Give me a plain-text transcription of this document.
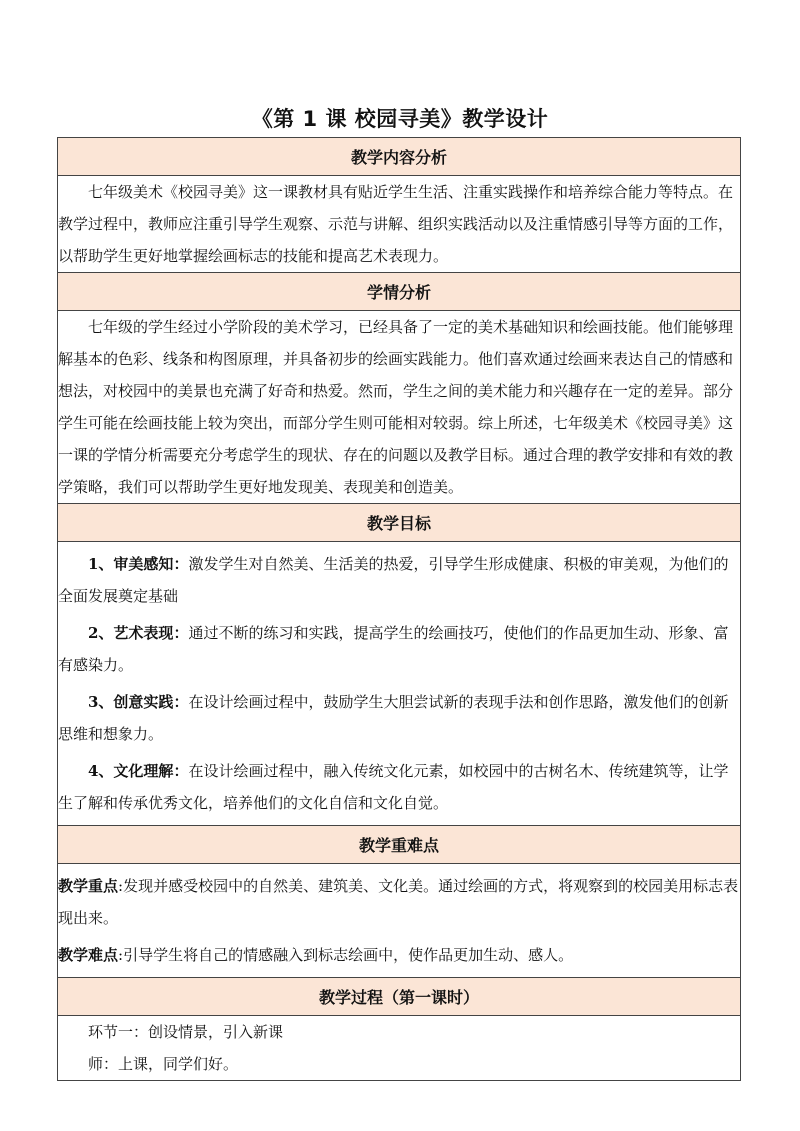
《第 1 课 校园寻美》教学设计
教学内容分析

七年级美术《校园寻美》这一课教材具有贴近学生生活、注重实践操作和培养综合能力等特点。在教学过程中，教师应注重引导学生观察、示范与讲解、组织实践活动以及注重情感引导等方面的工作，以帮助学生更好地掌握绘画标志的技能和提高艺术表现力。

学情分析

七年级的学生经过小学阶段的美术学习，已经具备了一定的美术基础知识和绘画技能。他们能够理解基本的色彩、线条和构图原理，并具备初步的绘画实践能力。他们喜欢通过绘画来表达自己的情感和想法，对校园中的美景也充满了好奇和热爱。然而，学生之间的美术能力和兴趣存在一定的差异。部分学生可能在绘画技能上较为突出，而部分学生则可能相对较弱。综上所述，七年级美术《校园寻美》这一课的学情分析需要充分考虑学生的现状、存在的问题以及教学目标。通过合理的教学安排和有效的教学策略，我们可以帮助学生更好地发现美、表现美和创造美。

教学目标

1、审美感知：激发学生对自然美、生活美的热爱，引导学生形成健康、积极的审美观，为他们的全面发展奠定基础

2、艺术表现：通过不断的练习和实践，提高学生的绘画技巧，使他们的作品更加生动、形象、富有感染力。

3、创意实践：在设计绘画过程中，鼓励学生大胆尝试新的表现手法和创作思路，激发他们的创新思维和想象力。

4、文化理解：在设计绘画过程中，融入传统文化元素，如校园中的古树名木、传统建筑等，让学生了解和传承优秀文化，培养他们的文化自信和文化自觉。

教学重难点

教学重点:发现并感受校园中的自然美、建筑美、文化美。通过绘画的方式，将观察到的校园美用标志表现出来。

教学难点:引导学生将自己的情感融入到标志绘画中，使作品更加生动、感人。

教学过程（第一课时）

环节一：创设情景，引入新课

师：上课，同学们好。
